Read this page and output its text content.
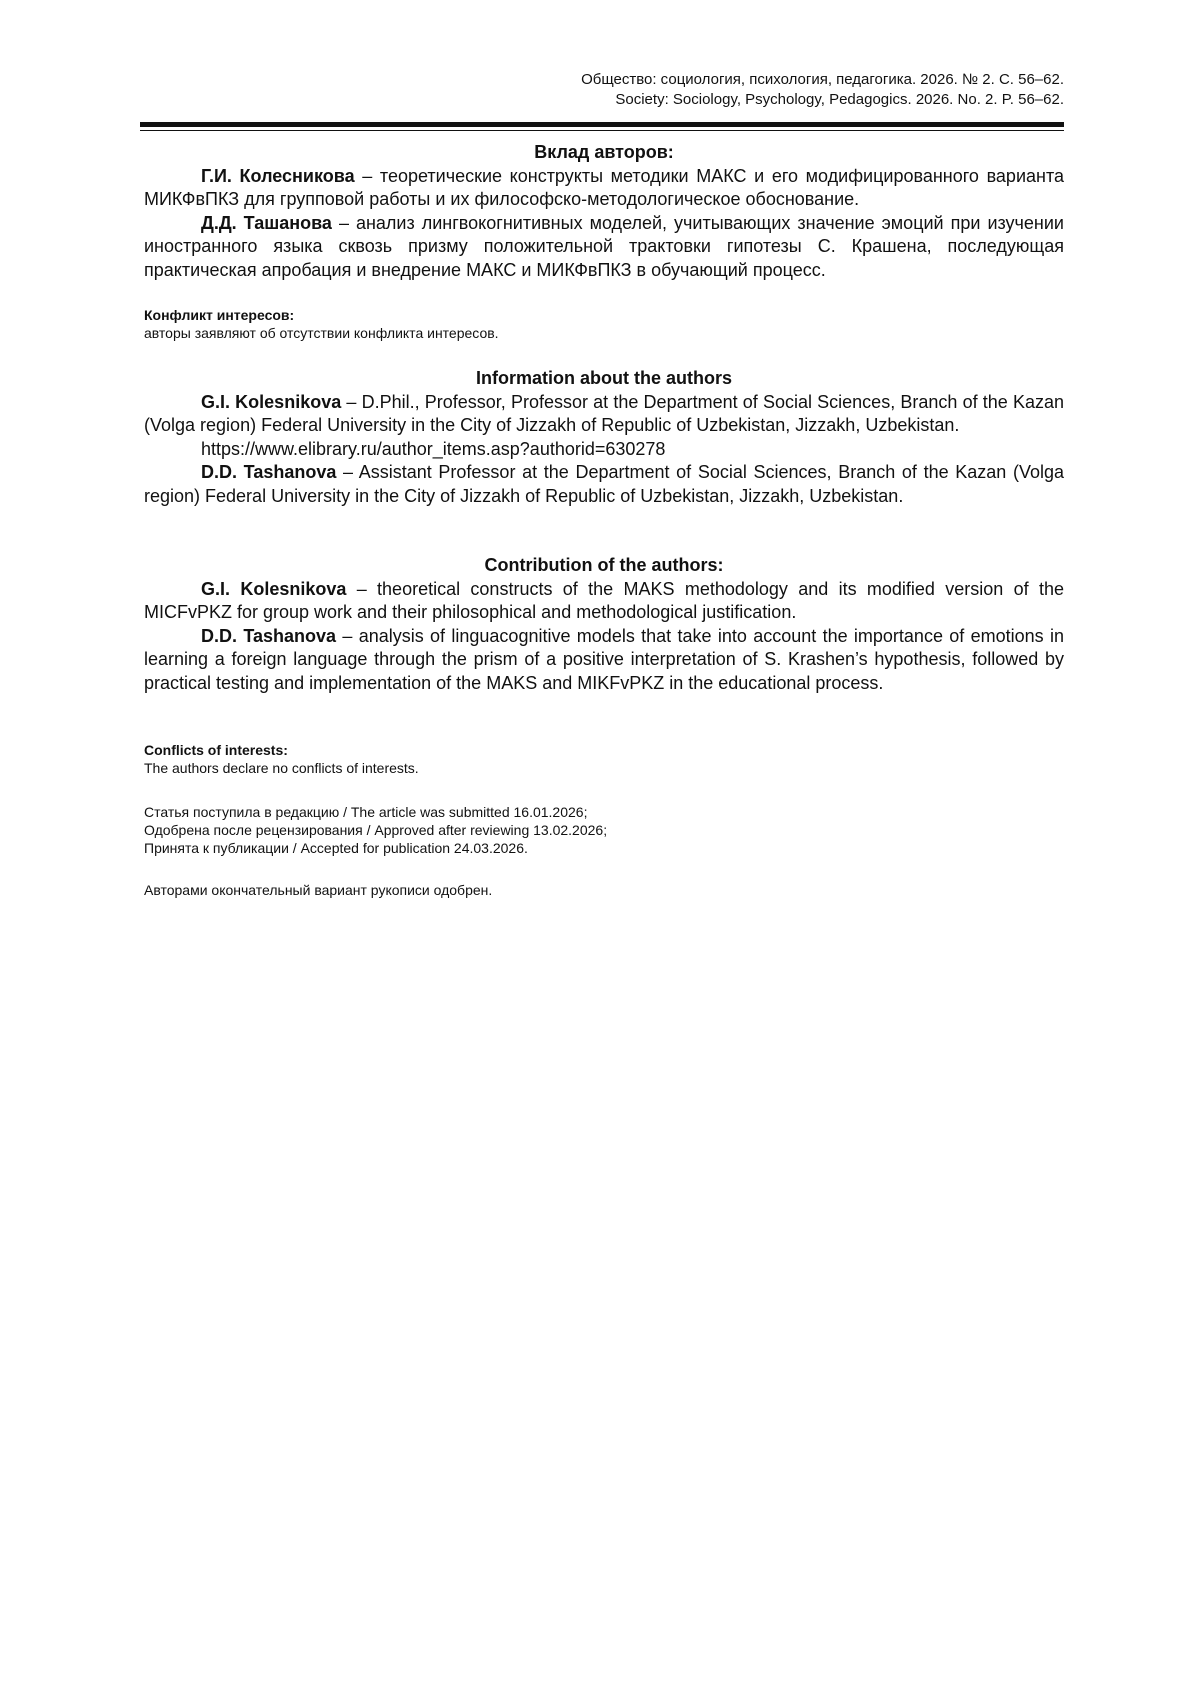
Общество: социология, психология, педагогика. 2026. № 2. С. 56–62.
Society: Sociology, Psychology, Pedagogics. 2026. No. 2. P. 56–62.

Вклад авторов:

Г.И. Колесникова – теоретические конструкты методики МАКС и его модифицированного варианта МИКФвПКЗ для групповой работы и их философско-методологическое обоснование.

Д.Д. Ташанова – анализ лингвокогнитивных моделей, учитывающих значение эмоций при изучении иностранного языка сквозь призму положительной трактовки гипотезы С. Крашена, последующая практическая апробация и внедрение МАКС и МИКФвПКЗ в обучающий процесс.

Конфликт интересов:

авторы заявляют об отсутствии конфликта интересов.

Information about the authors

G.I. Kolesnikova – D.Phil., Professor, Professor at the Department of Social Sciences, Branch of the Kazan (Volga region) Federal University in the City of Jizzakh of Republic of Uzbekistan, Jizzakh, Uzbekistan.

https://www.elibrary.ru/author_items.asp?authorid=630278

D.D. Tashanova – Assistant Professor at the Department of Social Sciences, Branch of the Kazan (Volga region) Federal University in the City of Jizzakh of Republic of Uzbekistan, Jizzakh, Uzbekistan.

Contribution of the authors:

G.I. Kolesnikova – theoretical constructs of the MAKS methodology and its modified version of the MICFvPKZ for group work and their philosophical and methodological justification.

D.D. Tashanova – analysis of linguacognitive models that take into account the importance of emotions in learning a foreign language through the prism of a positive interpretation of S. Krashen’s hypothesis, followed by practical testing and implementation of the MAKS and MIKFvPKZ in the educational process.

Conflicts of interests:

The authors declare no conflicts of interests.

Статья поступила в редакцию / The article was submitted 16.01.2026;

Одобрена после рецензирования / Approved after reviewing 13.02.2026;

Принята к публикации / Accepted for publication 24.03.2026.

Авторами окончательный вариант рукописи одобрен.
